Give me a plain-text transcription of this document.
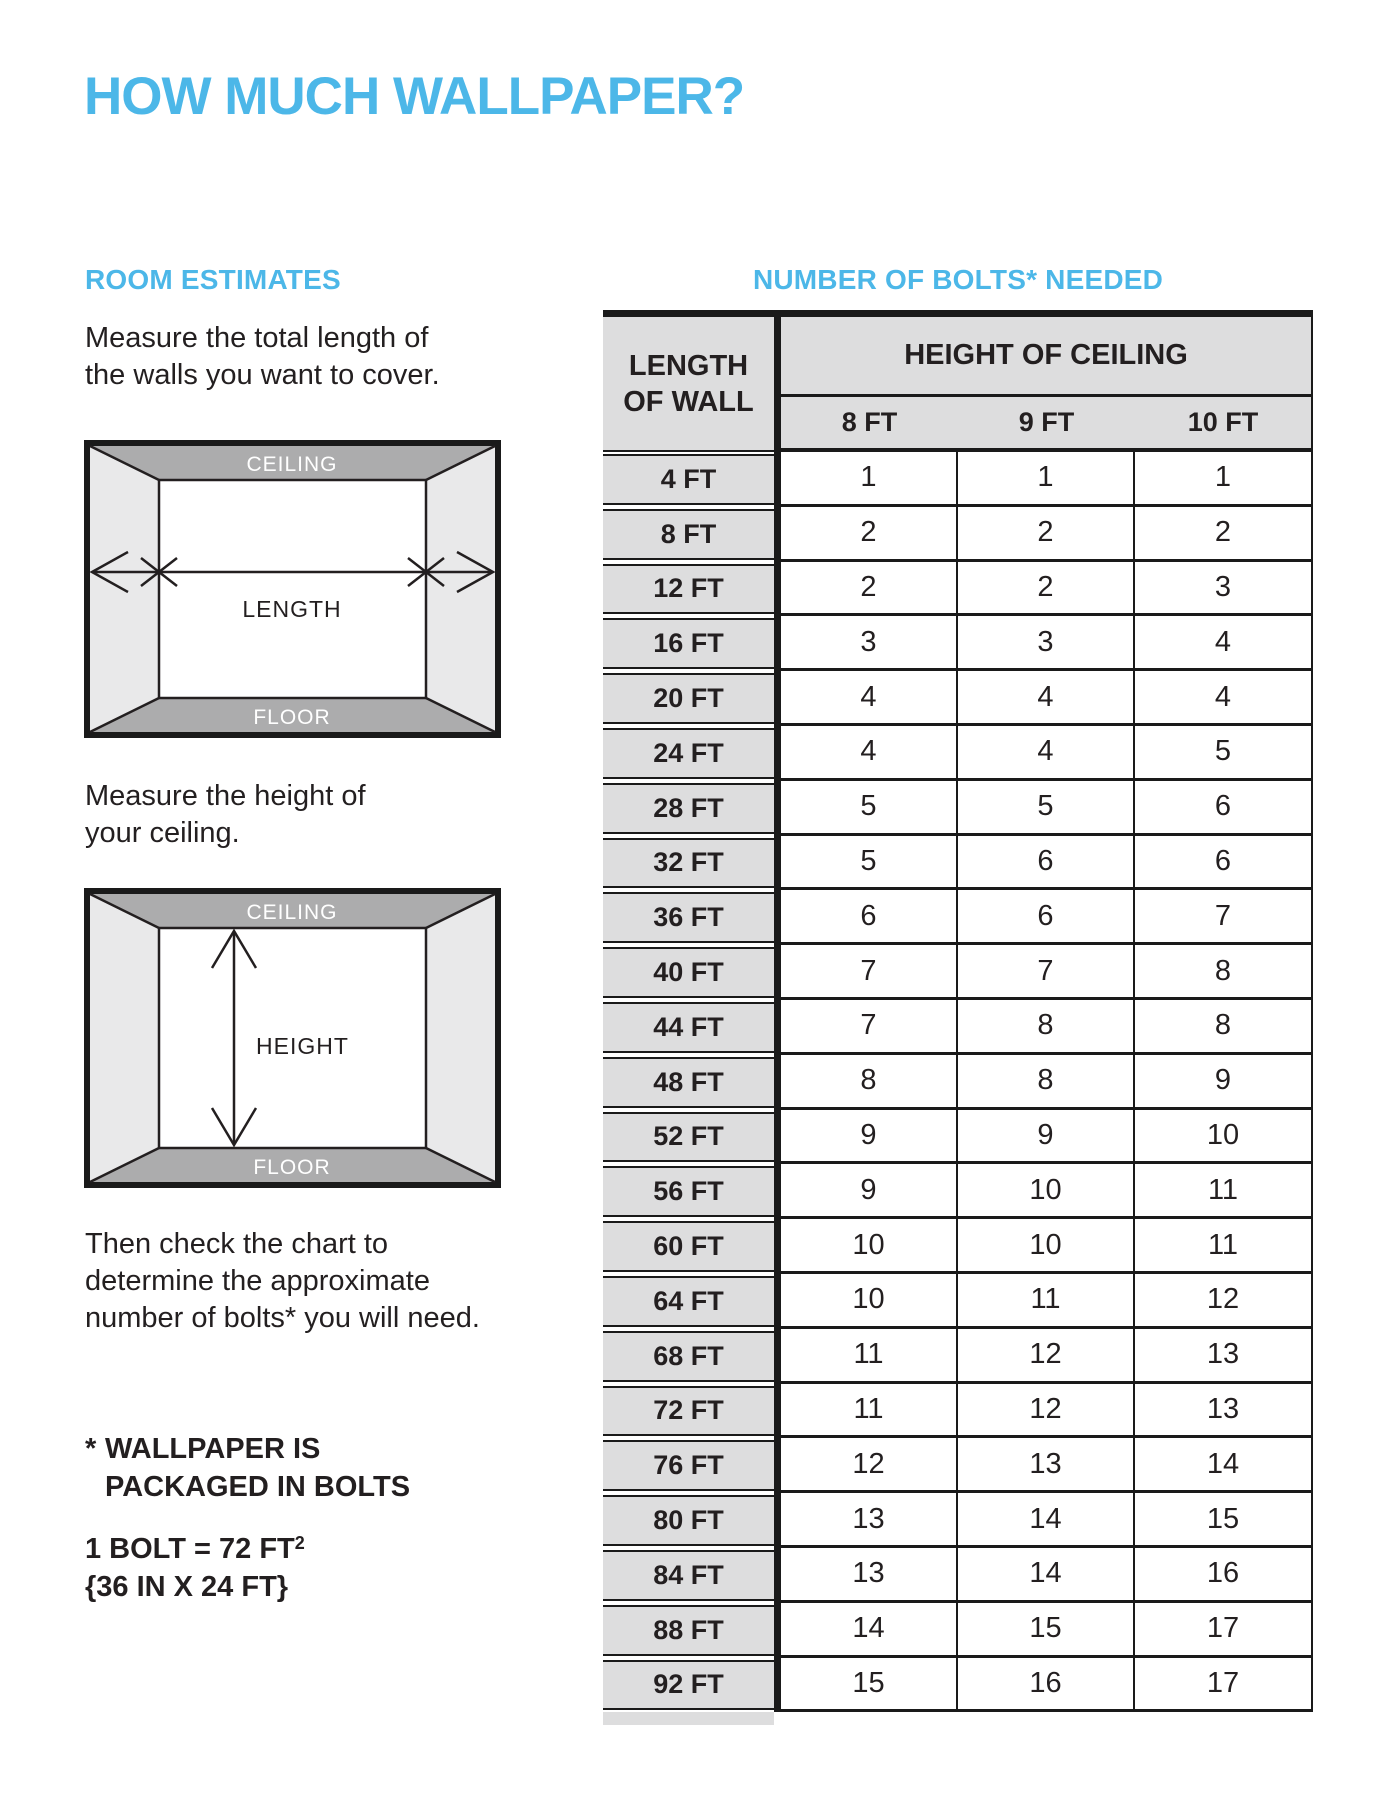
HOW MUCH WALLPAPER?
ROOM ESTIMATES
Measure the total length of
the walls you want to cover.
CEILING
FLOOR
LENGTH
Measure the height of
your ceiling.
CEILING
FLOOR
HEIGHT
Then check the chart to
determine the approximate
number of bolts* you will need.
* WALLPAPER IS
PACKAGED IN BOLTS
1 BOLT = 72 $FT^2$
{36 IN X 24 FT}
NUMBER OF BOLTS* NEEDED
LENGTH
OF WALL
HEIGHT OF CEILING
8 FT	9 FT	10 FT
4 FT	1	1	1
8 FT	2	2	2
12 FT	2	2	3
16 FT	3	3	4
20 FT	4	4	4
24 FT	4	4	5
28 FT	5	5	6
32 FT	5	6	6
36 FT	6	6	7
40 FT	7	7	8
44 FT	7	8	8
48 FT	8	8	9
52 FT	9	9	10
56 FT	9	10	11
60 FT	10	10	11
64 FT	10	11	12
68 FT	11	12	13
72 FT	11	12	13
76 FT	12	13	14
80 FT	13	14	15
84 FT	13	14	16
88 FT	14	15	17
92 FT	15	16	17
